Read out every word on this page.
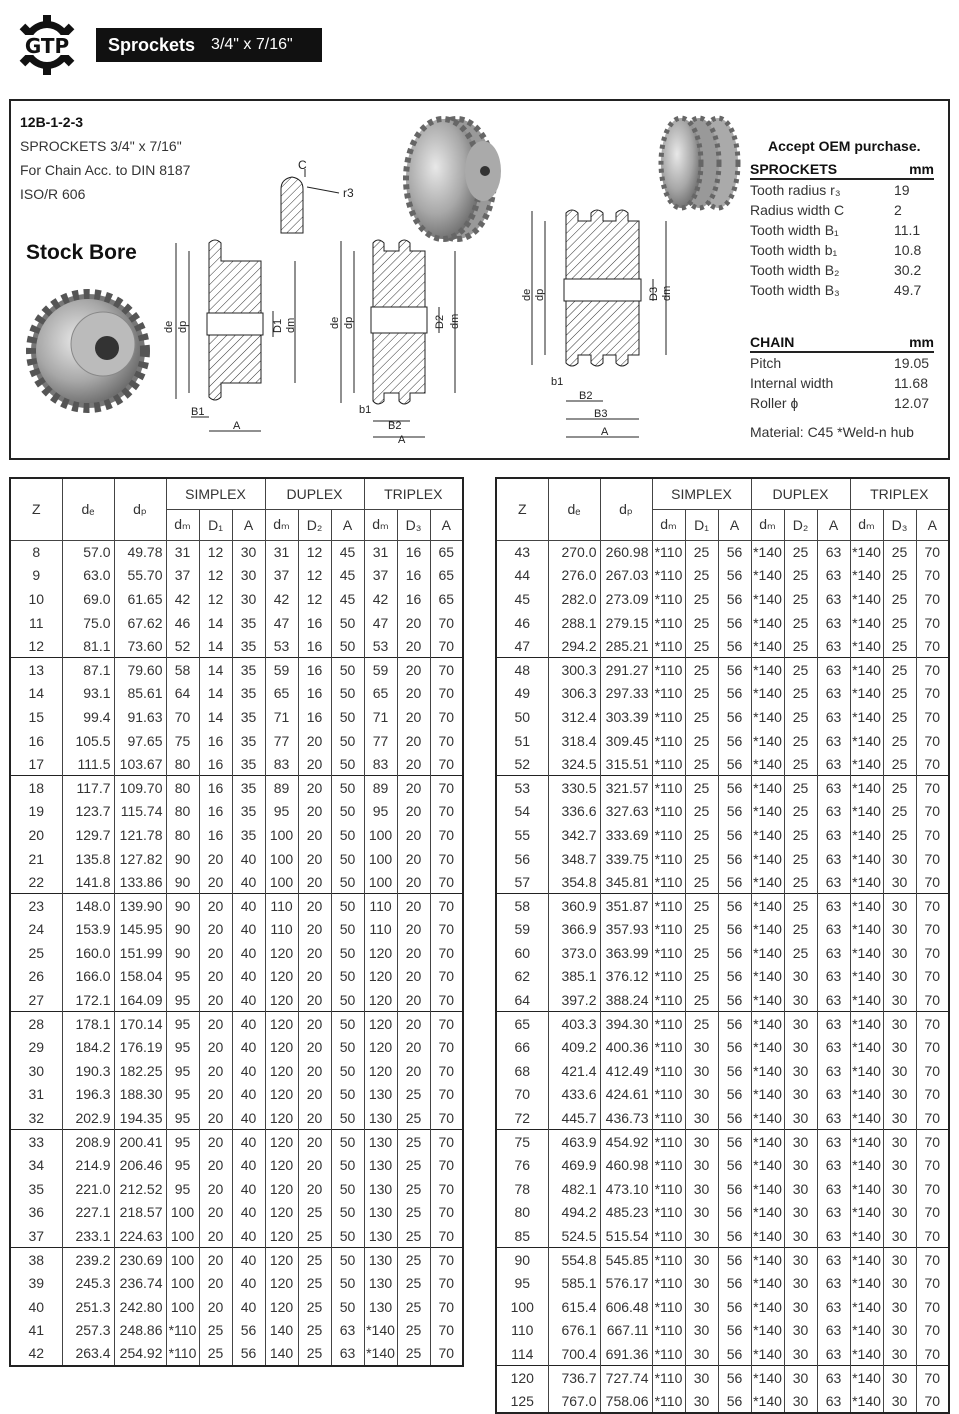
GTP Sprockets 3/4" x 7/16"
C
r3
de dp	D1 dm
B1
A
de dp	D2 dm
b1
B2
A
de dp	D3 dm
b1
B2
B3
A
12B-1-2-3
SPROCKETS 3/4" x 7/16"
For Chain Acc. to DIN 8187
ISO/R 606
Stock Bore
Accept OEM purchase.
SPROCKETS	mm
Tooth radius r₃	19
Radius width C	2
Tooth width B₁	11.1
Tooth width b₁	10.8
Tooth width B₂	30.2
Tooth width B₃	49.7
CHAIN	mm
Pitch	19.05
Internal width	11.68
Roller ɸ	12.07
Material: C45 *Weld-n hub
Z	dₑ	dₚ	SIMPLEX			DUPLEX			TRIPLEX		
			dₘ	D₁	A	dₘ	D₂	A	dₘ	D₃	A
8	57.0	49.78	31	12	30	31	12	45	31	16	65
9	63.0	55.70	37	12	30	37	12	45	37	16	65
10	69.0	61.65	42	12	30	42	12	45	42	16	65
11	75.0	67.62	46	14	35	47	16	50	47	20	70
12	81.1	73.60	52	14	35	53	16	50	53	20	70
13	87.1	79.60	58	14	35	59	16	50	59	20	70
14	93.1	85.61	64	14	35	65	16	50	65	20	70
15	99.4	91.63	70	14	35	71	16	50	71	20	70
16	105.5	97.65	75	16	35	77	20	50	77	20	70
17	111.5	103.67	80	16	35	83	20	50	83	20	70
18	117.7	109.70	80	16	35	89	20	50	89	20	70
19	123.7	115.74	80	16	35	95	20	50	95	20	70
20	129.7	121.78	80	16	35	100	20	50	100	20	70
21	135.8	127.82	90	20	40	100	20	50	100	20	70
22	141.8	133.86	90	20	40	100	20	50	100	20	70
23	148.0	139.90	90	20	40	110	20	50	110	20	70
24	153.9	145.95	90	20	40	110	20	50	110	20	70
25	160.0	151.99	90	20	40	120	20	50	120	20	70
26	166.0	158.04	95	20	40	120	20	50	120	20	70
27	172.1	164.09	95	20	40	120	20	50	120	20	70
28	178.1	170.14	95	20	40	120	20	50	120	20	70
29	184.2	176.19	95	20	40	120	20	50	120	20	70
30	190.3	182.25	95	20	40	120	20	50	120	20	70
31	196.3	188.30	95	20	40	120	20	50	130	25	70
32	202.9	194.35	95	20	40	120	20	50	130	25	70
33	208.9	200.41	95	20	40	120	20	50	130	25	70
34	214.9	206.46	95	20	40	120	20	50	130	25	70
35	221.0	212.52	95	20	40	120	20	50	130	25	70
36	227.1	218.57	100	20	40	120	25	50	130	25	70
37	233.1	224.63	100	20	40	120	25	50	130	25	70
38	239.2	230.69	100	20	40	120	25	50	130	25	70
39	245.3	236.74	100	20	40	120	25	50	130	25	70
40	251.3	242.80	100	20	40	120	25	50	130	25	70
41	257.3	248.86	*110	25	56	140	25	63	*140	25	70
42	263.4	254.92	*110	25	56	140	25	63	*140	25	70
Z	dₑ	dₚ	SIMPLEX			DUPLEX			TRIPLEX		
			dₘ	D₁	A	dₘ	D₂	A	dₘ	D₃	A
43	270.0	260.98	*110	25	56	*140	25	63	*140	25	70
44	276.0	267.03	*110	25	56	*140	25	63	*140	25	70
45	282.0	273.09	*110	25	56	*140	25	63	*140	25	70
46	288.1	279.15	*110	25	56	*140	25	63	*140	25	70
47	294.2	285.21	*110	25	56	*140	25	63	*140	25	70
48	300.3	291.27	*110	25	56	*140	25	63	*140	25	70
49	306.3	297.33	*110	25	56	*140	25	63	*140	25	70
50	312.4	303.39	*110	25	56	*140	25	63	*140	25	70
51	318.4	309.45	*110	25	56	*140	25	63	*140	25	70
52	324.5	315.51	*110	25	56	*140	25	63	*140	25	70
53	330.5	321.57	*110	25	56	*140	25	63	*140	25	70
54	336.6	327.63	*110	25	56	*140	25	63	*140	25	70
55	342.7	333.69	*110	25	56	*140	25	63	*140	25	70
56	348.7	339.75	*110	25	56	*140	25	63	*140	30	70
57	354.8	345.81	*110	25	56	*140	25	63	*140	30	70
58	360.9	351.87	*110	25	56	*140	25	63	*140	30	70
59	366.9	357.93	*110	25	56	*140	25	63	*140	30	70
60	373.0	363.99	*110	25	56	*140	25	63	*140	30	70
62	385.1	376.12	*110	25	56	*140	30	63	*140	30	70
64	397.2	388.24	*110	25	56	*140	30	63	*140	30	70
65	403.3	394.30	*110	25	56	*140	30	63	*140	30	70
66	409.2	400.36	*110	30	56	*140	30	63	*140	30	70
68	421.4	412.49	*110	30	56	*140	30	63	*140	30	70
70	433.6	424.61	*110	30	56	*140	30	63	*140	30	70
72	445.7	436.73	*110	30	56	*140	30	63	*140	30	70
75	463.9	454.92	*110	30	56	*140	30	63	*140	30	70
76	469.9	460.98	*110	30	56	*140	30	63	*140	30	70
78	482.1	473.10	*110	30	56	*140	30	63	*140	30	70
80	494.2	485.23	*110	30	56	*140	30	63	*140	30	70
85	524.5	515.54	*110	30	56	*140	30	63	*140	30	70
90	554.8	545.85	*110	30	56	*140	30	63	*140	30	70
95	585.1	576.17	*110	30	56	*140	30	63	*140	30	70
100	615.4	606.48	*110	30	56	*140	30	63	*140	30	70
110	676.1	667.11	*110	30	56	*140	30	63	*140	30	70
114	700.4	691.36	*110	30	56	*140	30	63	*140	30	70
120	736.7	727.74	*110	30	56	*140	30	63	*140	30	70
125	767.0	758.06	*110	30	56	*140	30	63	*140	30	70
